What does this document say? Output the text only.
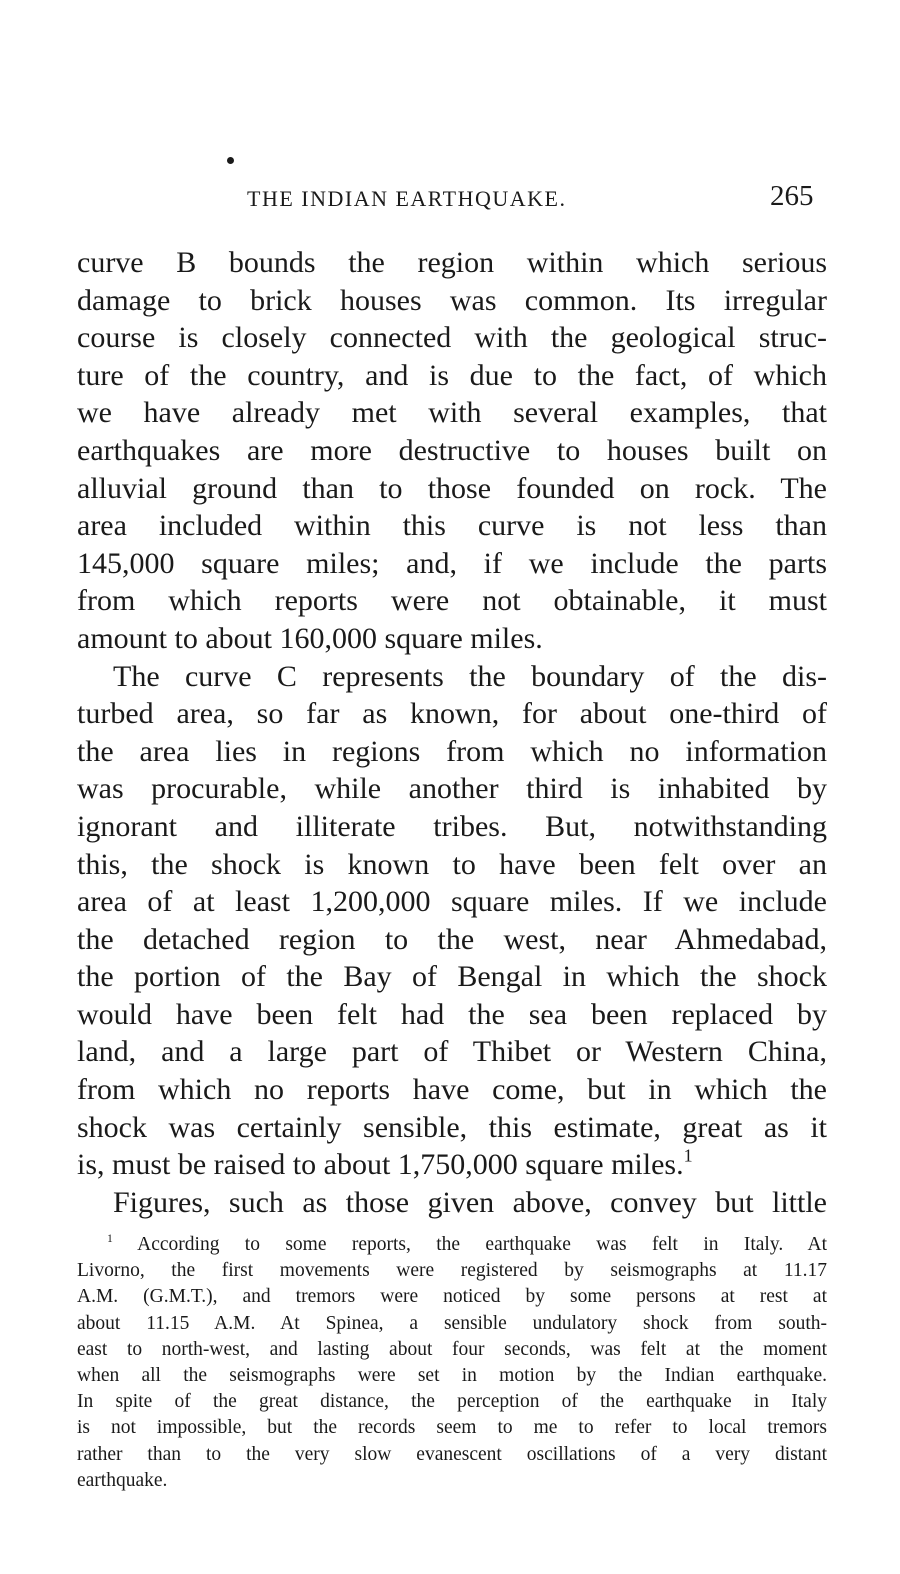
THE INDIAN EARTHQUAKE.	265
curve B bounds the region within which serious
damage to brick houses was common. Its irregular
course is closely connected with the geological struc-
ture of the country, and is due to the fact, of which
we have already met with several examples, that
earthquakes are more destructive to houses built on
alluvial ground than to those founded on rock. The
area included within this curve is not less than
145,000 square miles; and, if we include the parts
from which reports were not obtainable, it must
amount to about 160,000 square miles.
The curve C represents the boundary of the dis-
turbed area, so far as known, for about one-third of
the area lies in regions from which no information
was procurable, while another third is inhabited by
ignorant and illiterate tribes. But, notwithstanding
this, the shock is known to have been felt over an
area of at least 1,200,000 square miles. If we include
the detached region to the west, near Ahmedabad,
the portion of the Bay of Bengal in which the shock
would have been felt had the sea been replaced by
land, and a large part of Thibet or Western China,
from which no reports have come, but in which the
shock was certainly sensible, this estimate, great as it
is, must be raised to about 1,750,000 square miles.$^1$
Figures, such as those given above, convey but little
$^1$ According to some reports, the earthquake was felt in Italy. At
Livorno, the first movements were registered by seismographs at 11.17
A.M. (G.M.T.), and tremors were noticed by some persons at rest at
about 11.15 A.M. At Spinea, a sensible undulatory shock from south-
east to north-west, and lasting about four seconds, was felt at the moment
when all the seismographs were set in motion by the Indian earthquake.
In spite of the great distance, the perception of the earthquake in Italy
is not impossible, but the records seem to me to refer to local tremors
rather than to the very slow evanescent oscillations of a very distant
earthquake.
